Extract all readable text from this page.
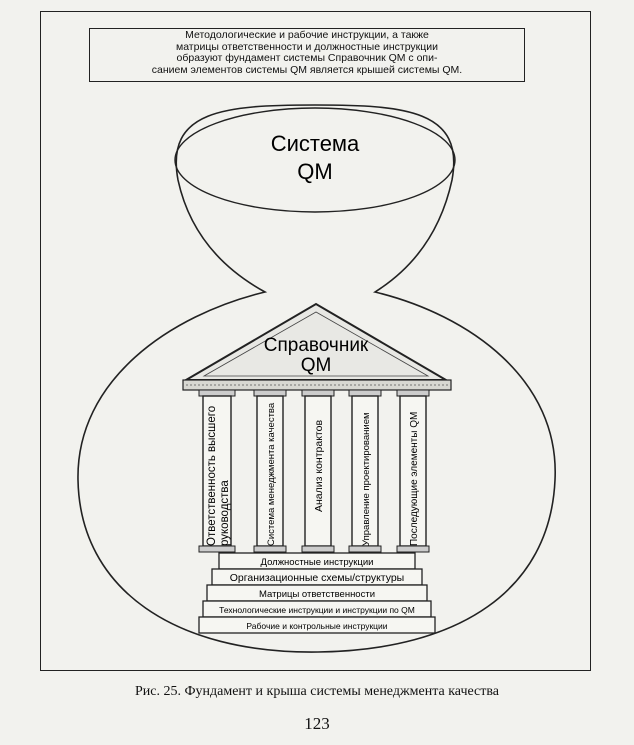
Методологические и рабочие инструкции, а также
матрицы ответственности и должностные инструкции
образуют фундамент системы Справочник QM с опи-
санием элементов системы QM является крышей системы QM.
Система
QM
Справочник
QM
Ответственность высшего руководства	Система менеджмента качества	Анализ контрактов	Управление проектированием	Последующие элементы QM
Должностные инструкции
Организационные схемы/структуры
Матрицы ответственности
Технологические инструкции и инструкции по QM
Рабочие и контрольные инструкции
Рис. 25. Фундамент и крыша системы менеджмента качества
123
